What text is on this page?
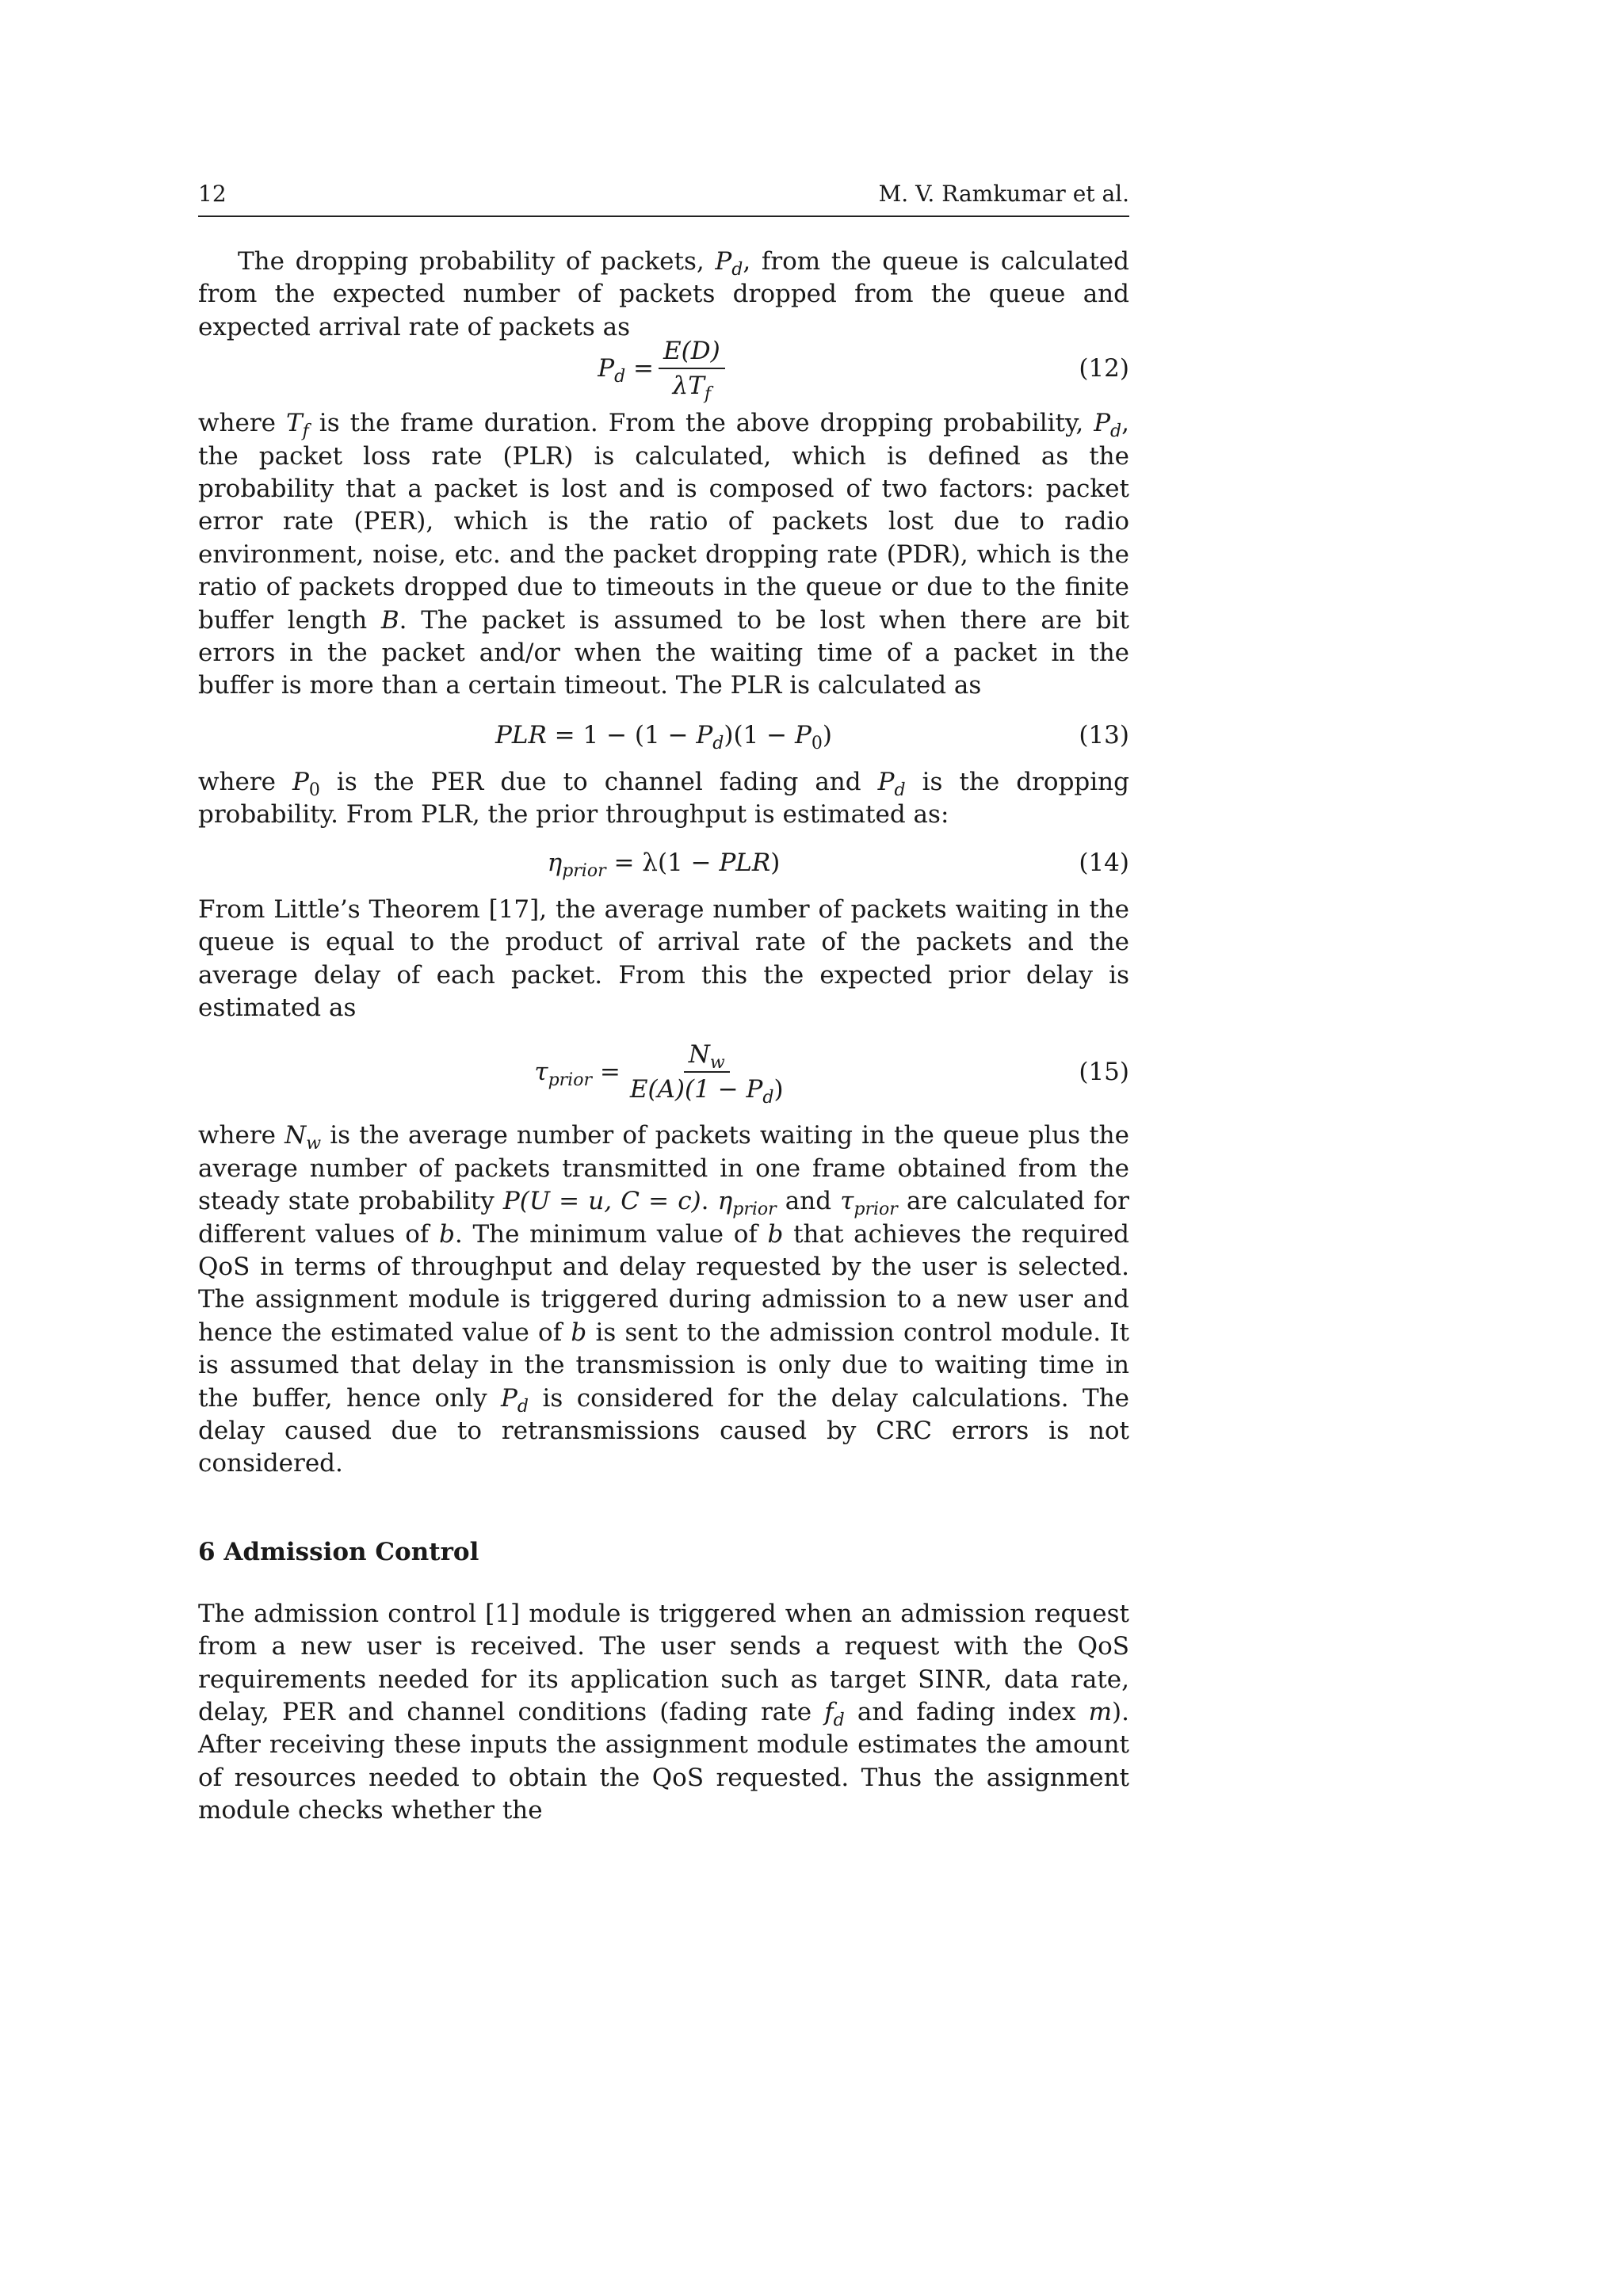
12	M. V. Ramkumar et al.

The dropping probability of packets, $P_d$, from the queue is calculated from the expected number of packets dropped from the queue and expected arrival rate of packets as

$P_d = \frac{E(D)}{\lambda T_f}$	(12)

where $T_f$ is the frame duration. From the above dropping probability, $P_d$, the packet loss rate (PLR) is calculated, which is defined as the probability that a packet is lost and is composed of two factors: packet error rate (PER), which is the ratio of packets lost due to radio environment, noise, etc. and the packet dropping rate (PDR), which is the ratio of packets dropped due to timeouts in the queue or due to the finite buffer length B. The packet is assumed to be lost when there are bit errors in the packet and/or when the waiting time of a packet in the buffer is more than a certain timeout. The PLR is calculated as

PLR = $1 - (1 - P_d)(1 - P_0)$	(13)

where $P_0$ is the PER due to channel fading and $P_d$ is the dropping probability. From PLR, the prior throughput is estimated as:

$\eta_{prior} = \lambda(1 - PLR)$	(14)

From Little’s Theorem [17], the average number of packets waiting in the queue is equal to the product of arrival rate of the packets and the average delay of each packet. From this the expected prior delay is estimated as

$\tau_{prior} = \frac{N_w}{E(A)(1 - P_d)}$	(15)

where $N_w$ is the average number of packets waiting in the queue plus the average number of packets transmitted in one frame obtained from the steady state probability P(U = u, C = c). $\eta_{prior}$ and $\tau_{prior}$ are calculated for different values of b. The minimum value of b that achieves the required QoS in terms of throughput and delay requested by the user is selected. The assignment module is triggered during admission to a new user and hence the estimated value of b is sent to the admission control module. It is assumed that delay in the transmission is only due to waiting time in the buffer, hence only $P_d$ is considered for the delay calculations. The delay caused due to retransmissions caused by CRC errors is not considered.

6 Admission Control

The admission control [1] module is triggered when an admission request from a new user is received. The user sends a request with the QoS requirements needed for its application such as target SINR, data rate, delay, PER and channel conditions (fading rate $f_d$ and fading index m). After receiving these inputs the assignment module estimates the amount of resources needed to obtain the QoS requested. Thus the assignment module checks whether the
